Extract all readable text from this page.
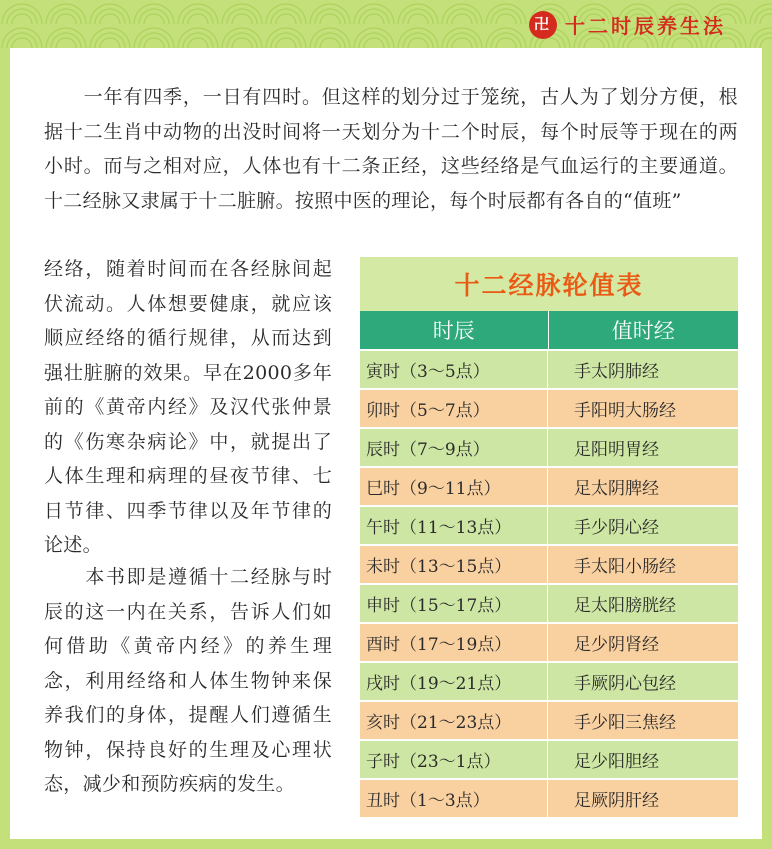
卍 十二时辰养生法

　　一年有四季，一日有四时。但这样的划分过于笼统，古人为了划分方便，根据十二生肖中动物的出没时间将一天划分为十二个时辰，每个时辰等于现在的两小时。而与之相对应，人体也有十二条正经，这些经络是气血运行的主要通道。十二经脉又隶属于十二脏腑。按照中医的理论，每个时辰都有各自的“值班”

经络，随着时间而在各经脉间起伏流动。人体想要健康，就应该顺应经络的循行规律，从而达到强壮脏腑的效果。早在2000多年前的《黄帝内经》及汉代张仲景的《伤寒杂病论》中，就提出了人体生理和病理的昼夜节律、七日节律、四季节律以及年节律的论述。

　　本书即是遵循十二经脉与时辰的这一内在关系，告诉人们如何借助《黄帝内经》的养生理念，利用经络和人体生物钟来保养我们的身体，提醒人们遵循生物钟，保持良好的生理及心理状态，减少和预防疾病的发生。

十二经脉轮值表
时辰	值时经
寅时（3～5点）	手太阴肺经
卯时（5～7点）	手阳明大肠经
辰时（7～9点）	足阳明胃经
巳时（9～11点）	足太阴脾经
午时（11～13点）	手少阴心经
未时（13～15点）	手太阳小肠经
申时（15～17点）	足太阳膀胱经
酉时（17～19点）	足少阴肾经
戌时（19～21点）	手厥阴心包经
亥时（21～23点）	手少阳三焦经
子时（23～1点）	足少阳胆经
丑时（1～3点）	足厥阴肝经
